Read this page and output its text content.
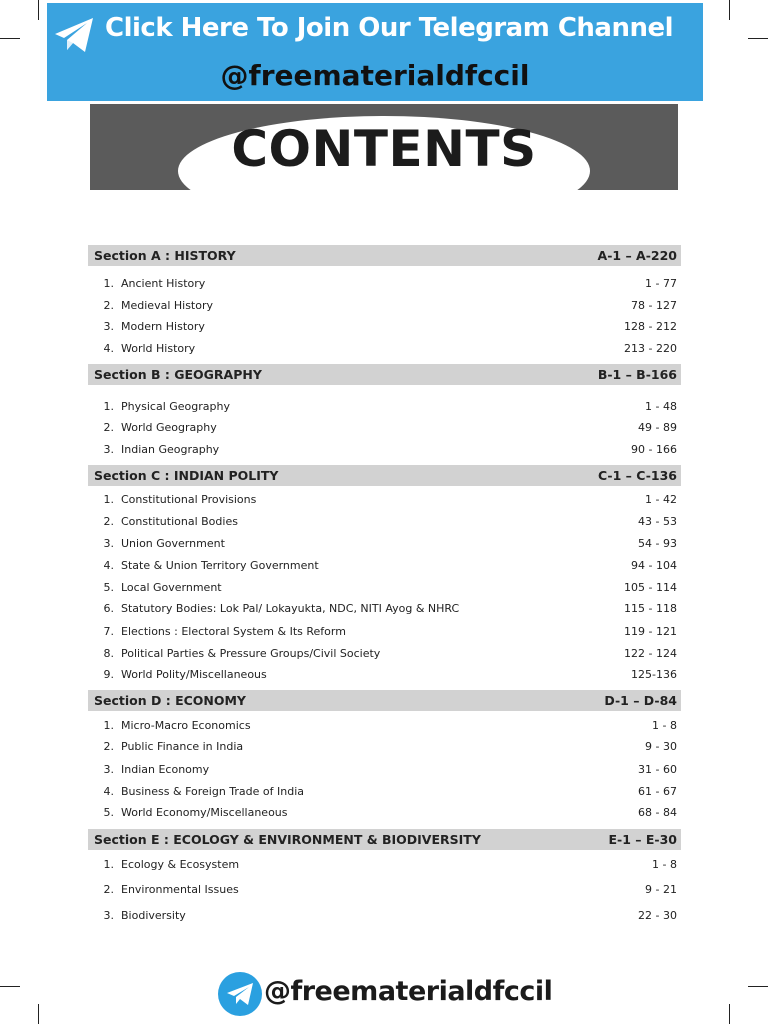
Click Here To Join Our Telegram Channel
@freematerialdfccil
CONTENTS
Section A : HISTORY	A-1 – A-220
1. Ancient History	1 - 77
2. Medieval History	78 - 127
3. Modern History	128 - 212
4. World History	213 - 220
Section B : GEOGRAPHY	B-1 – B-166
1. Physical Geography	1 - 48
2. World Geography	49 - 89
3. Indian Geography	90 - 166
Section C : INDIAN POLITY	C-1 – C-136
1. Constitutional Provisions	1 - 42
2. Constitutional Bodies	43 - 53
3. Union Government	54 - 93
4. State & Union Territory Government	94 - 104
5. Local Government	105 - 114
6. Statutory Bodies: Lok Pal/ Lokayukta, NDC, NITI Ayog & NHRC	115 - 118
7. Elections : Electoral System & Its Reform	119 - 121
8. Political Parties & Pressure Groups/Civil Society	122 - 124
9. World Polity/Miscellaneous	125-136
Section D : ECONOMY	D-1 – D-84
1. Micro-Macro Economics	1 - 8
2. Public Finance in India	9 - 30
3. Indian Economy	31 - 60
4. Business & Foreign Trade of India	61 - 67
5. World Economy/Miscellaneous	68 - 84
Section E : ECOLOGY & ENVIRONMENT & BIODIVERSITY	E-1 – E-30
1. Ecology & Ecosystem	1 - 8
2. Environmental Issues	9 - 21
3. Biodiversity	22 - 30
@freematerialdfccil
